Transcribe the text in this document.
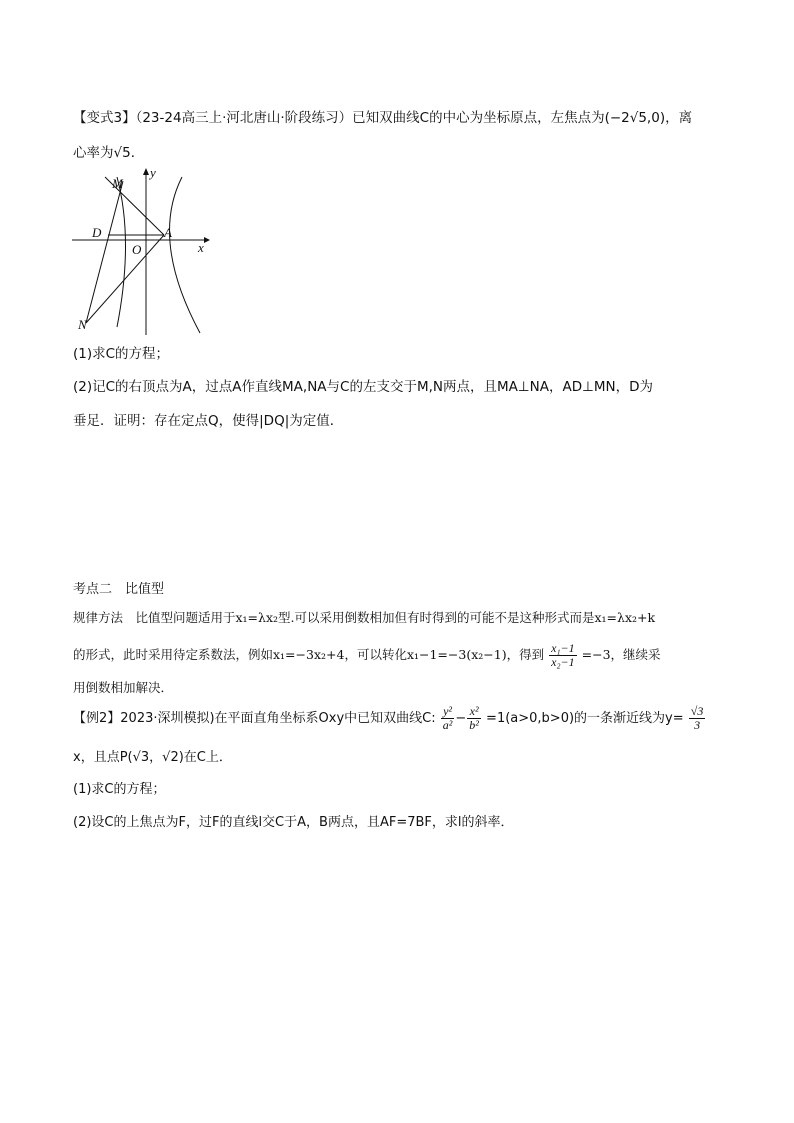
【变式3】（23-24高三上·河北唐山·阶段练习）已知双曲线C的中心为坐标原点，左焦点为(−2√5,0)，离
心率为√5．
y
x
M
D
O
A
N
(1)求C的方程；
(2)记C的右顶点为A，过点A作直线MA,NA与C的左支交于M,N两点，且MA⊥NA，AD⊥MN，D为
垂足．证明：存在定点Q，使得|DQ|为定值．
考点二　比值型
规律方法　比值型问题适用于x₁=λx₂型.可以采用倒数相加但有时得到的可能不是这种形式而是x₁=λx₂+k
的形式，此时采用待定系数法，例如x₁=−3x₂+4，可以转化x₁−1=−3(x₂−1)，得到 $\frac{\text{x₁−1}}{\text{x₂−1}} =-3$，继续采
用倒数相加解决．
【例2】2023·深圳模拟)在平面直角坐标系Oxy中已知双曲线C: $\frac{\text{y²}}{\text{a²}} - \frac{\text{x²}}{\text{b²}} =1(a>0,b>0)$的一条渐近线为$y= \frac{√3}{3}$
x，且点P(√3，√2)在C上．
(1)求C的方程；
(2)设C的上焦点为F，过F的直线l交C于A，B两点，且AF=7BF，求l的斜率．
